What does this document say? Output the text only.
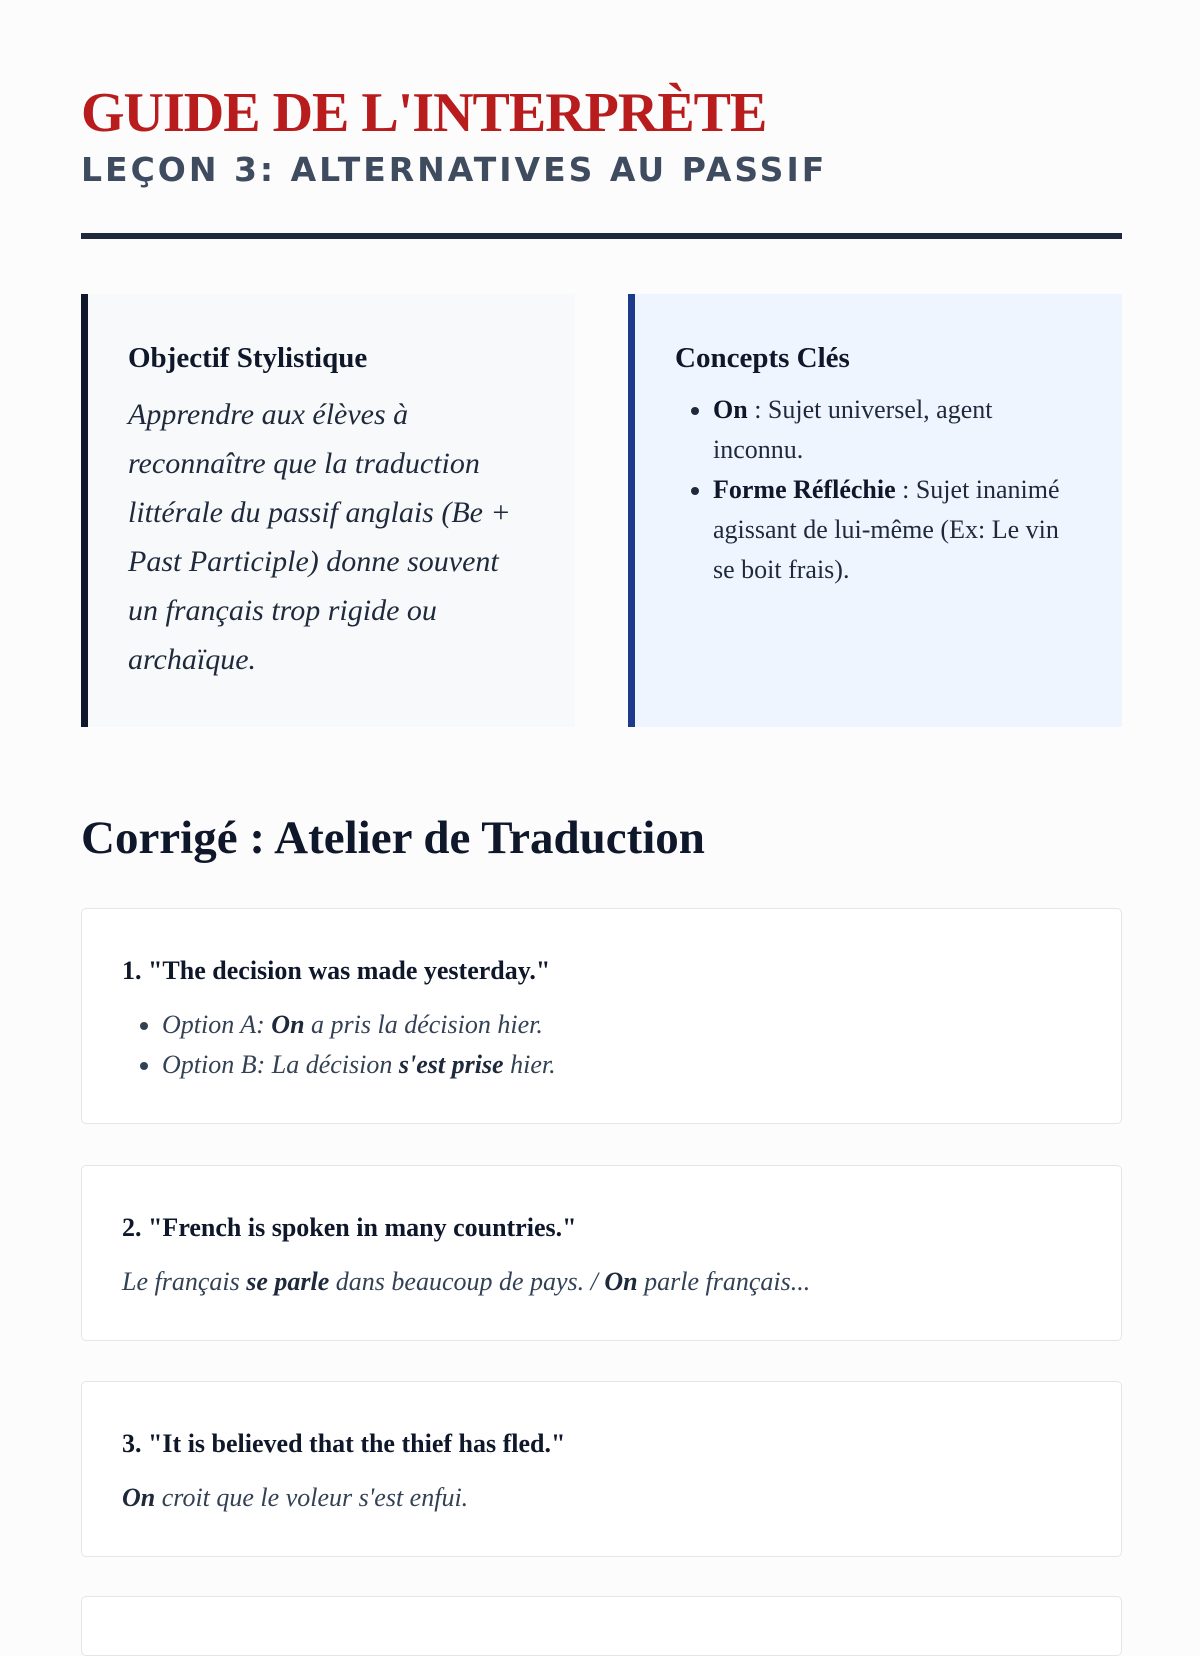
GUIDE DE L'INTERPRÈTE
LEÇON 3: ALTERNATIVES AU PASSIF
Objectif Stylistique

Apprendre aux élèves à reconnaître que la traduction littérale du passif anglais (Be + Past Participle) donne souvent un français trop rigide ou archaïque.

Concepts Clés
• On : Sujet universel, agent inconnu.
• Forme Réfléchie : Sujet inanimé agissant de lui-même (Ex: Le vin se boit frais).
Corrigé : Atelier de Traduction
1. "The decision was made yesterday."
• Option A: On a pris la décision hier.
• Option B: La décision s'est prise hier.
2. "French is spoken in many countries."

Le français se parle dans beaucoup de pays. / On parle français...

3. "It is believed that the thief has fled."

On croit que le voleur s'est enfui.
